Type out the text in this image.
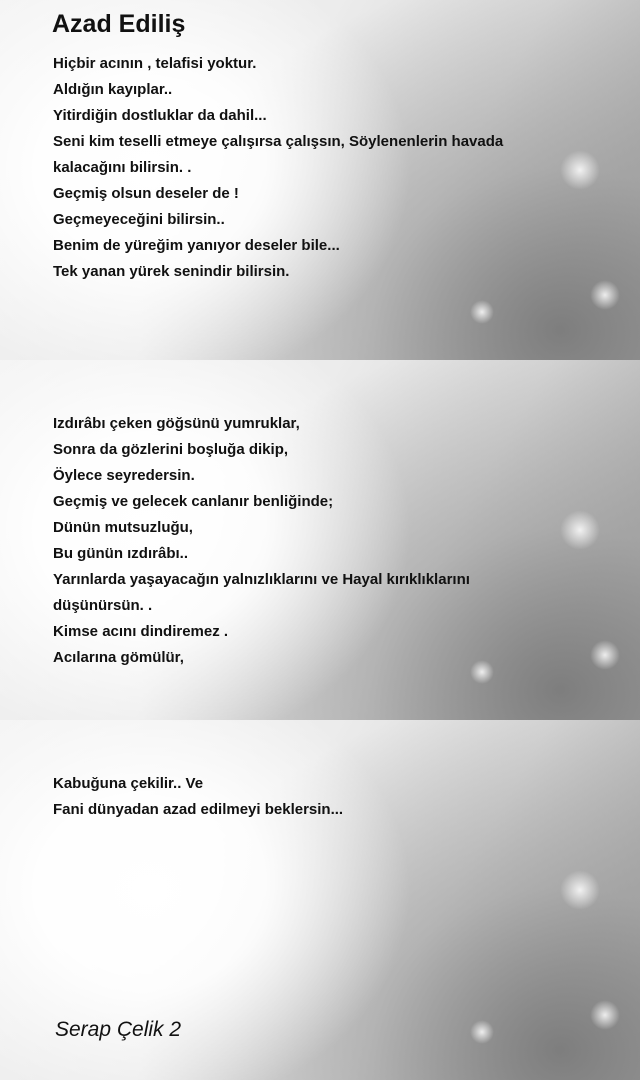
Azad Ediliş
Hiçbir acının , telafisi yoktur.
Aldığın kayıplar..
Yitirdiğin dostluklar da dahil...
Seni kim teselli etmeye çalışırsa çalışsın, Söylenenlerin havada
kalacağını bilirsin. .
Geçmiş olsun deseler de !
Geçmeyeceğini bilirsin..
Benim de yüreğim yanıyor deseler bile...
Tek yanan yürek senindir bilirsin.
Izdırâbı çeken göğsünü yumruklar,
Sonra da gözlerini boşluğa dikip,
Öylece seyredersin.
Geçmiş ve gelecek canlanır benliğinde;
Dünün mutsuzluğu,
Bu günün ızdırâbı..
Yarınlarda yaşayacağın yalnızlıklarını ve Hayal kırıklıklarını
düşünürsün. .
Kimse acını dindiremez .
Acılarına gömülür,
Kabuğuna çekilir.. Ve
Fani dünyadan azad edilmeyi beklersin...
Serap Çelik 2
